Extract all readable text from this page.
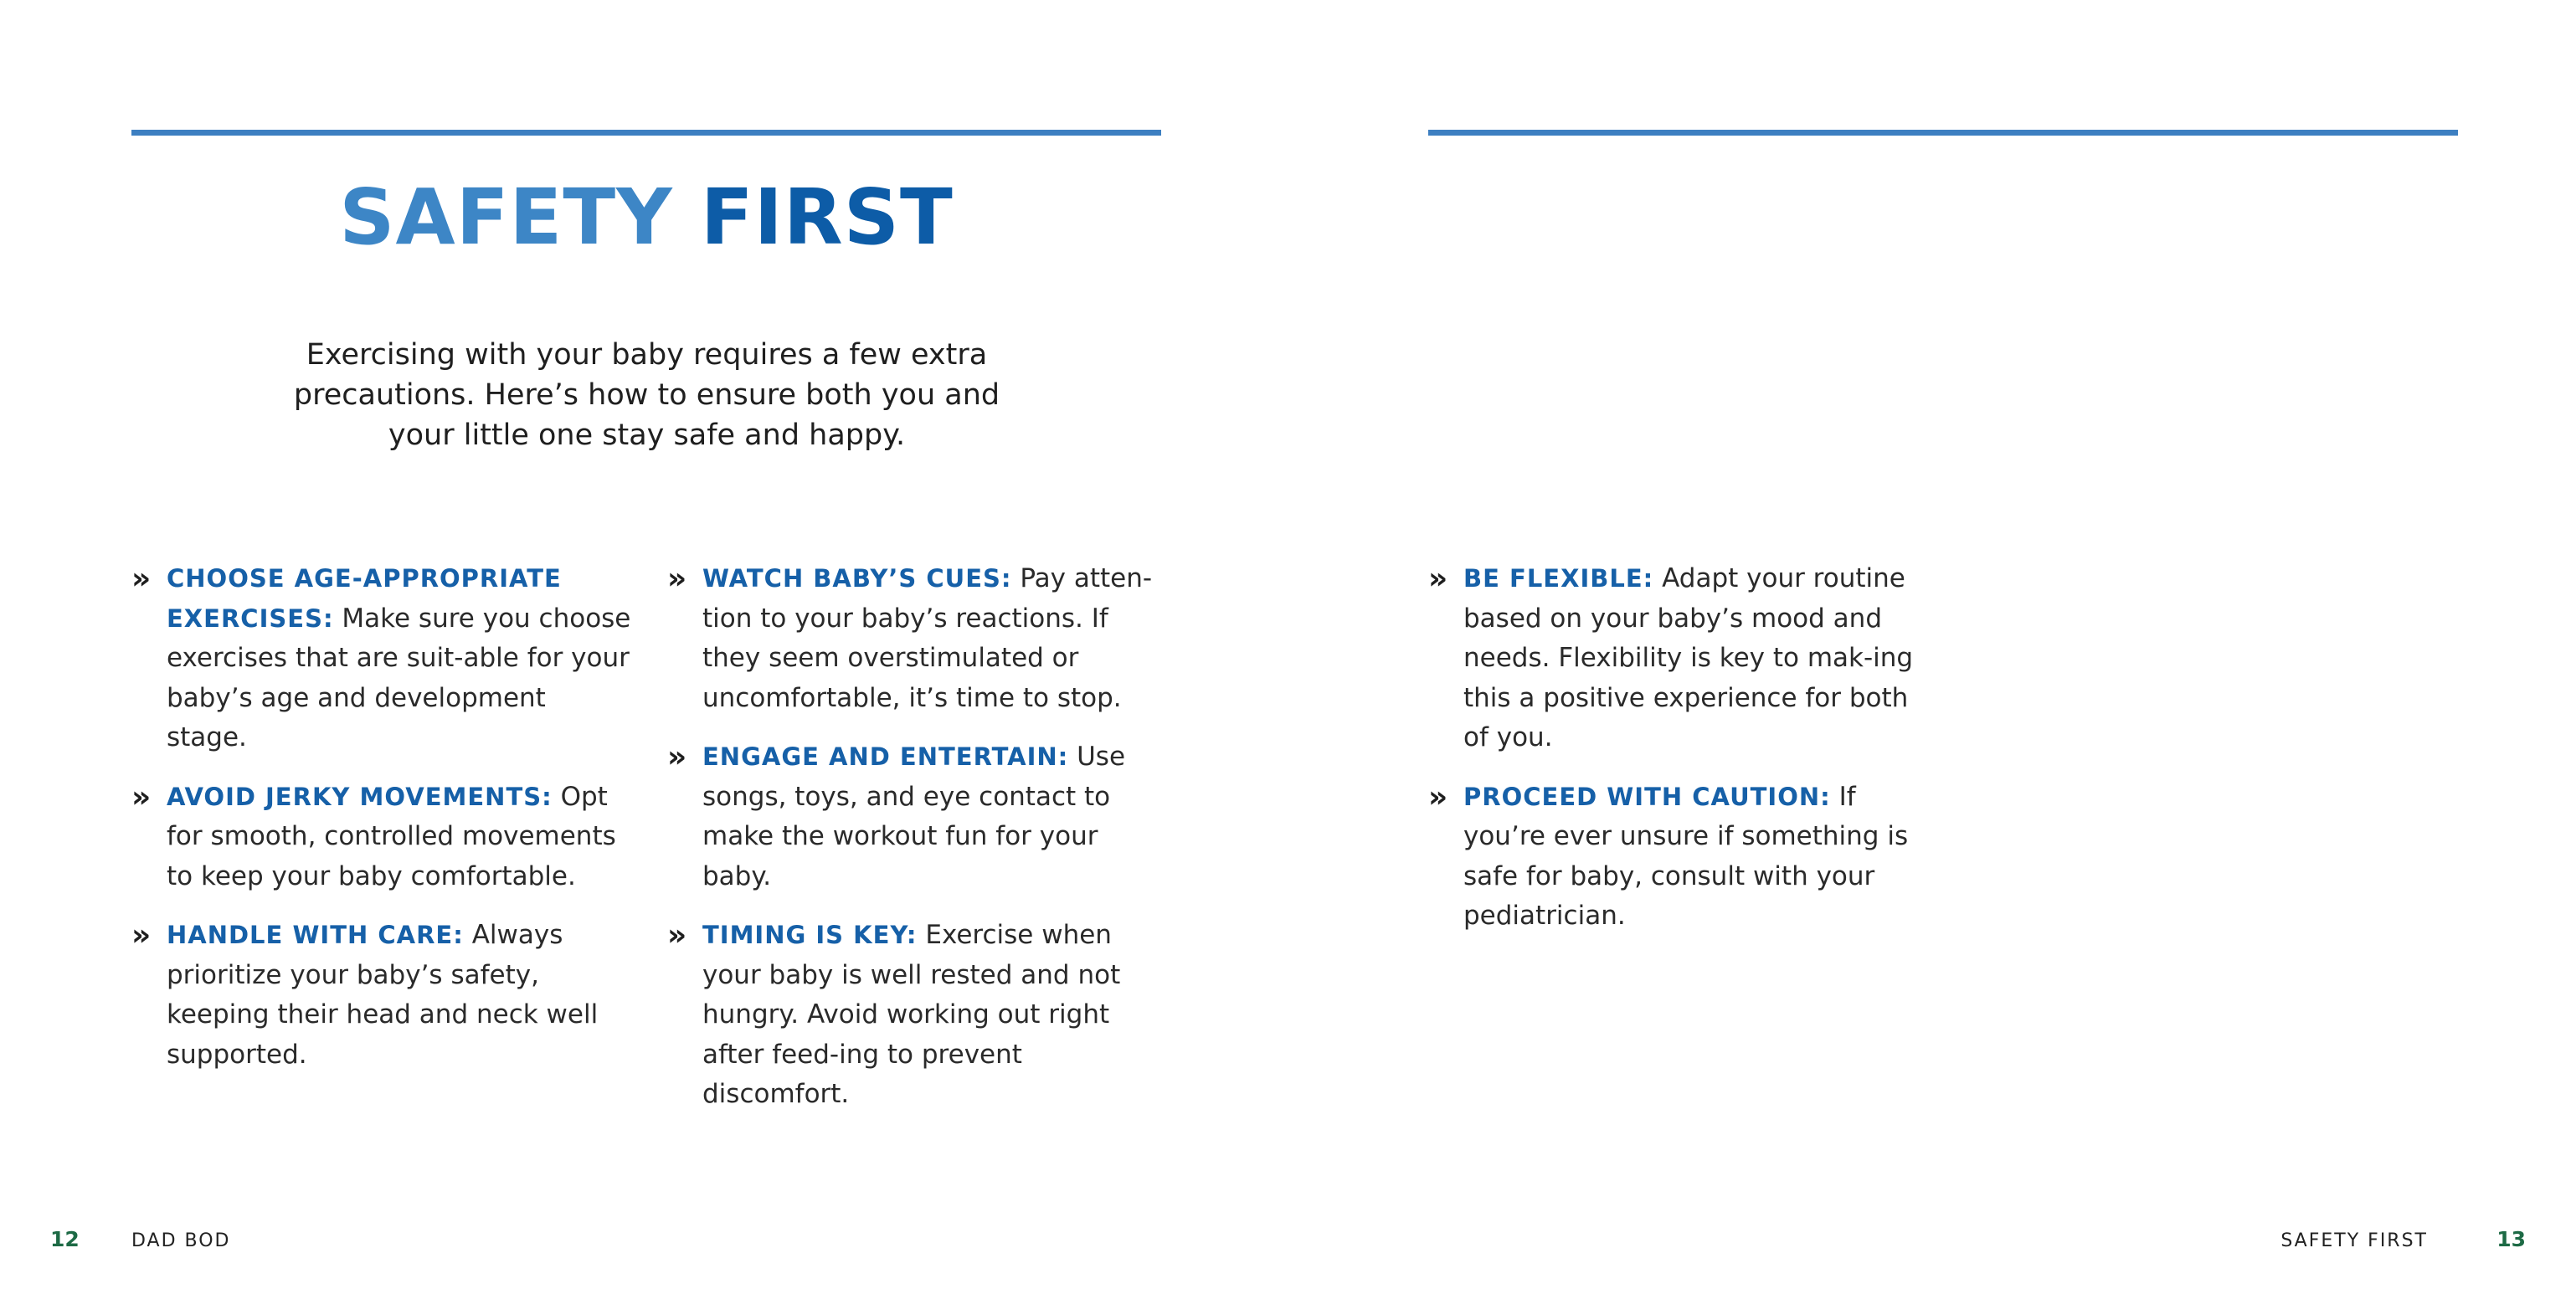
SAFETY FIRST
Exercising with your baby requires a few extra precautions. Here’s how to ensure both you and your little one stay safe and happy.
» CHOOSE AGE-APPROPRIATE EXERCISES: Make sure you choose exercises that are suit-able for your baby’s age and development stage.
» AVOID JERKY MOVEMENTS: Opt for smooth, controlled movements to keep your baby comfortable.
» HANDLE WITH CARE: Always prioritize your baby’s safety, keeping their head and neck well supported.
» WATCH BABY’S CUES: Pay atten-tion to your baby’s reactions. If they seem overstimulated or uncomfortable, it’s time to stop.
» ENGAGE AND ENTERTAIN: Use songs, toys, and eye contact to make the workout fun for your baby.
» TIMING IS KEY: Exercise when your baby is well rested and not hungry. Avoid working out right after feed-ing to prevent discomfort.
» BE FLEXIBLE: Adapt your routine based on your baby’s mood and needs. Flexibility is key to mak-ing this a positive experience for both of you.
» PROCEED WITH CAUTION: If you’re ever unsure if something is safe for baby, consult with your pediatrician.
12	DAD BOD	SAFETY FIRST	13
